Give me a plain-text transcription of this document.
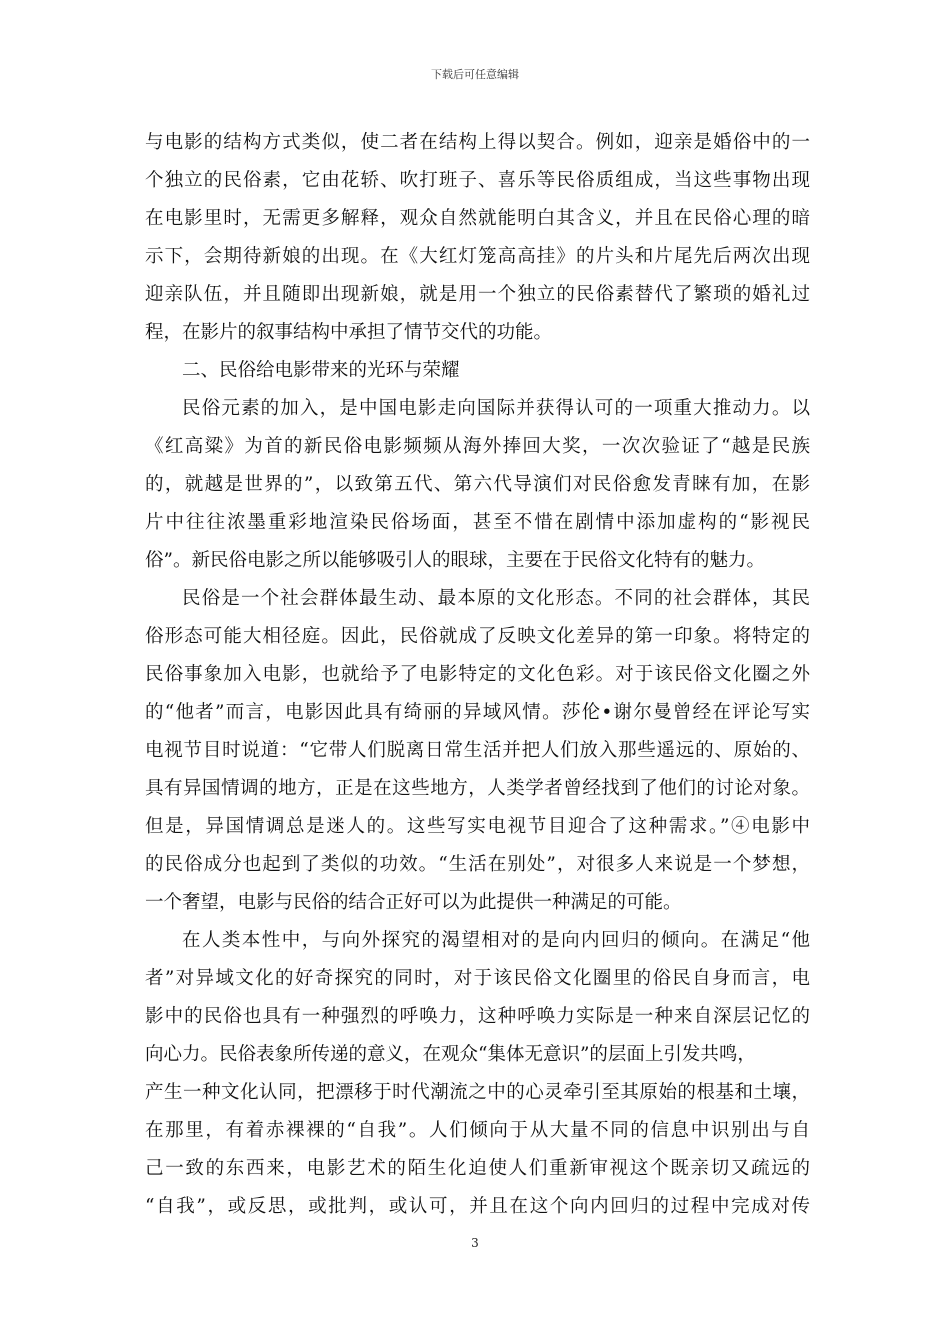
下载后可任意编辑
与电影的结构方式类似，使二者在结构上得以契合。例如，迎亲是婚俗中的一
个独立的民俗素，它由花轿、吹打班子、喜乐等民俗质组成，当这些事物出现
在电影里时，无需更多解释，观众自然就能明白其含义，并且在民俗心理的暗
示下，会期待新娘的出现。在《大红灯笼高高挂》的片头和片尾先后两次出现
迎亲队伍，并且随即出现新娘，就是用一个独立的民俗素替代了繁琐的婚礼过
程，在影片的叙事结构中承担了情节交代的功能。
二、民俗给电影带来的光环与荣耀
民俗元素的加入，是中国电影走向国际并获得认可的一项重大推动力。以
《红高粱》为首的新民俗电影频频从海外捧回大奖，一次次验证了“越是民族
的，就越是世界的”，以致第五代、第六代导演们对民俗愈发青睐有加，在影
片中往往浓墨重彩地渲染民俗场面，甚至不惜在剧情中添加虚构的“影视民
俗”。新民俗电影之所以能够吸引人的眼球，主要在于民俗文化特有的魅力。
民俗是一个社会群体最生动、最本原的文化形态。不同的社会群体，其民
俗形态可能大相径庭。因此，民俗就成了反映文化差异的第一印象。将特定的
民俗事象加入电影，也就给予了电影特定的文化色彩。对于该民俗文化圈之外
的“他者”而言，电影因此具有绮丽的异域风情。莎伦•谢尔曼曾经在评论写实
电视节目时说道：“它带人们脱离日常生活并把人们放入那些遥远的、原始的、
具有异国情调的地方，正是在这些地方，人类学者曾经找到了他们的讨论对象。
但是，异国情调总是迷人的。这些写实电视节目迎合了这种需求。”④电影中
的民俗成分也起到了类似的功效。“生活在别处”，对很多人来说是一个梦想，
一个奢望，电影与民俗的结合正好可以为此提供一种满足的可能。
在人类本性中，与向外探究的渴望相对的是向内回归的倾向。在满足“他
者”对异域文化的好奇探究的同时，对于该民俗文化圈里的俗民自身而言，电
影中的民俗也具有一种强烈的呼唤力，这种呼唤力实际是一种来自深层记忆的
向心力。民俗表象所传递的意义，在观众“集体无意识”的层面上引发共鸣，
产生一种文化认同，把漂移于时代潮流之中的心灵牵引至其原始的根基和土壤，
在那里，有着赤裸裸的“自我”。人们倾向于从大量不同的信息中识别出与自
己一致的东西来，电影艺术的陌生化迫使人们重新审视这个既亲切又疏远的
“自我”，或反思，或批判，或认可，并且在这个向内回归的过程中完成对传
3
